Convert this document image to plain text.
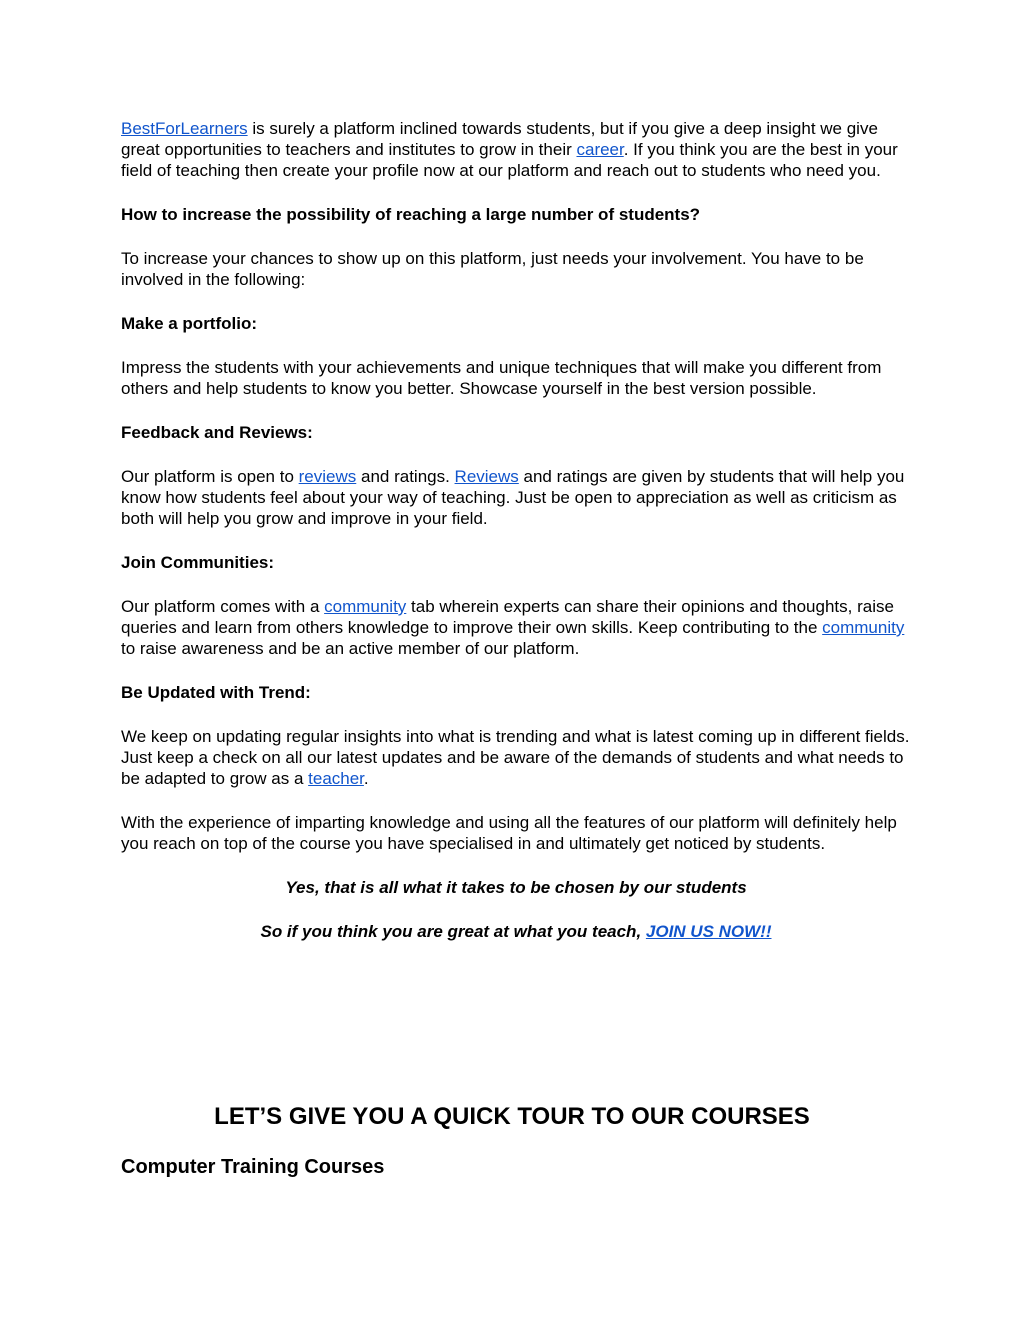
BestForLearners is surely a platform inclined towards students, but if you give a deep insight we give great opportunities to teachers and institutes to grow in their career. If you think you are the best in your field of teaching then create your profile now at our platform and reach out to students who need you.

How to increase the possibility of reaching a large number of students?

To increase your chances to show up on this platform, just needs your involvement. You have to be involved in the following:

Make a portfolio:

Impress the students with your achievements and unique techniques that will make you different from others and help students to know you better. Showcase yourself in the best version possible.

Feedback and Reviews:

Our platform is open to reviews and ratings. Reviews and ratings are given by students that will help you know how students feel about your way of teaching. Just be open to appreciation as well as criticism as both will help you grow and improve in your field.

Join Communities:

Our platform comes with a community tab wherein experts can share their opinions and thoughts, raise queries and learn from others knowledge to improve their own skills. Keep contributing to the community to raise awareness and be an active member of our platform.

Be Updated with Trend:

We keep on updating regular insights into what is trending and what is latest coming up in different fields. Just keep a check on all our latest updates and be aware of the demands of students and what needs to be adapted to grow as a teacher.

With the experience of imparting knowledge and using all the features of our platform will definitely help you reach on top of the course you have specialised in and ultimately get noticed by students.

Yes, that is all what it takes to be chosen by our students

So if you think you are great at what you teach, JOIN US NOW!!

LET’S GIVE YOU A QUICK TOUR TO OUR COURSES
Computer Training Courses
